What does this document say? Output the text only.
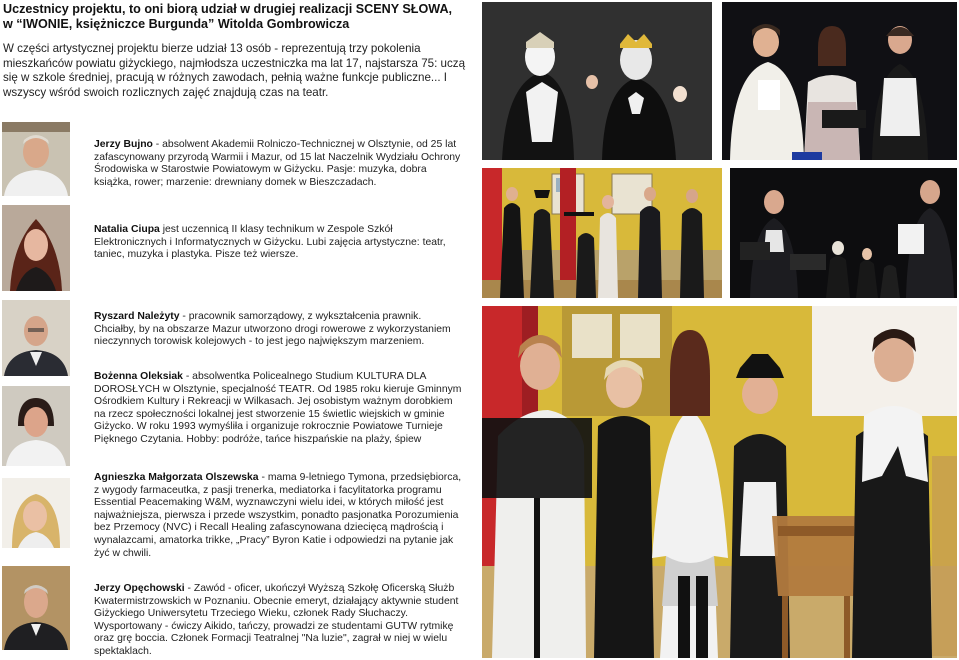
Uczestnicy projektu, to oni biorą udział w drugiej realizacji SCENY SŁOWA,
w “IWONIE, księżniczce Burgunda” Witolda Gombrowicza
W części artystycznej projektu bierze udział 13 osób - reprezentują trzy pokolenia mieszkańców powiatu giżyckiego, najmłodsza uczestniczka ma lat 17, najstarsza 75: uczą się w szkole średniej, pracują w różnych zawodach, pełnią ważne funkcje publiczne... I wszyscy wśród swoich rozlicznych zajęć znajdują czas na teatr.
Jerzy Bujno - absolwent Akademii Rolniczo-Technicznej w Olsztynie, od 25 lat zafascynowany przyrodą Warmii i Mazur, od 15 lat Naczelnik Wydziału Ochrony Środowiska w Starostwie Powiatowym w Giżycku. Pasje: muzyka, dobra książka, rower; marzenie: drewniany domek w Bieszczadach.
Natalia Ciupa jest uczennicą II klasy technikum w Zespole Szkół Elektronicznych i Informatycznych w Giżycku. Lubi zajęcia artystyczne: teatr, taniec, muzyka i plastyka. Pisze też wiersze.
Ryszard Należyty - pracownik samorządowy, z wykształcenia prawnik. Chciałby, by na obszarze Mazur utworzono drogi rowerowe z wykorzystaniem nieczynnych torowisk kolejowych - to jest jego największym marzeniem.
Bożenna Oleksiak - absolwentka Policealnego Studium KULTURA DLA DOROSŁYCH w Olsztynie, specjalność TEATR. Od 1985 roku kieruje Gminnym Ośrodkiem Kultury i Rekreacji w Wilkasach. Jej osobistym ważnym dorobkiem na rzecz społeczności lokalnej jest stworzenie 15 świetlic wiejskich w gminie Giżycko. W roku 1993 wymyśliła i organizuje rokrocznie Powiatowe Turnieje Pięknego Czytania. Hobby: podróże, tańce hiszpańskie na plaży, śpiew
Agnieszka Małgorzata Olszewska - mama 9-letniego Tymona, przedsiębiorca, z wygody farmaceutka, z pasji trenerka, mediatorka i facylitatorka programu Essential Peacemaking W&M, wyznawczyni wielu idei, w których miłość jest najważniejsza, pierwsza i przede wszystkim, ponadto pasjonatka Porozumienia bez Przemocy (NVC) i Recall Healing zafascynowana dziecięcą mądrością i wynalazcami, amatorka trikke, „Pracy” Byron Katie i odpowiedzi na pytanie jak żyć w chwili.
Jerzy Opęchowski - Zawód - oficer, ukończył Wyższą Szkołę Oficerską Służb Kwatermistrzowskich w Poznaniu. Obecnie emeryt, działający aktywnie student Giżyckiego Uniwersytetu Trzeciego Wieku, członek Rady Słuchaczy. Wysportowany - ćwiczy Aikido, tańczy, prowadzi ze studentami GUTW rytmikę oraz grę boccia. Członek Formacji Teatralnej "Na luzie", zagrał w niej w wielu spektaklach.
